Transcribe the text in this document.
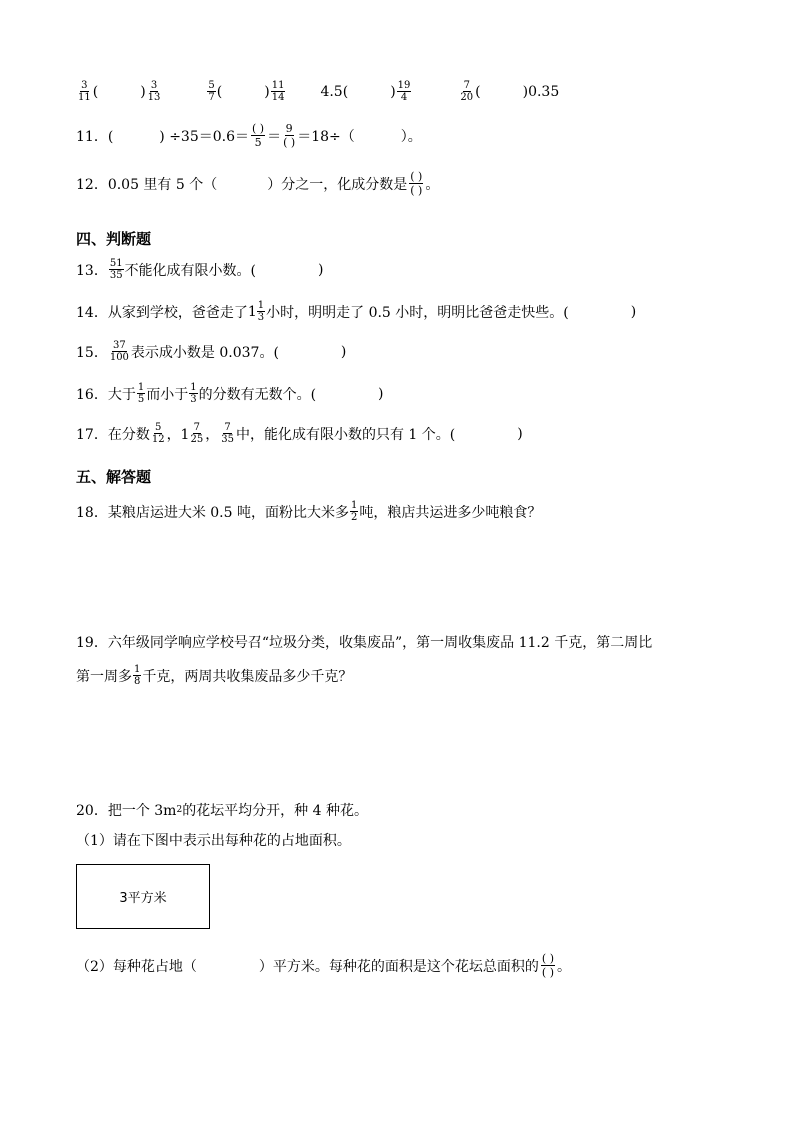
$\frac{3}{11}$ (	) $\frac{3}{13}$	$\frac{5}{7}$ (	) $\frac{11}{14}$	4.5 (	) $\frac{19}{4}$	$\frac{7}{20}$ (	) 0.35
11．(	) $\div 35=0.6= \frac{( )}{5} = \frac{9}{( )} =18\div$（	）。
12．0.05 里有 5 个（	）分之一，化成分数是 $\frac{( )}{( )}$ 。
四、判断题
13． $\frac{51}{35}$ 不能化成有限小数。(	)
14．从家到学校，爸爸走了 $1 \frac{1}{3}$ 小时，明明走了 0.5 小时，明明比爸爸走快些。(	)
15． $\frac{37}{100}$ 表示成小数是 0.037。(	)
16．大于 $\frac{1}{5}$ 而小于 $\frac{1}{3}$ 的分数有无数个。(	)
17．在分数 $\frac{5}{12}$ ，$1 \frac{7}{25}$ ， $\frac{7}{35}$ 中，能化成有限小数的只有 1 个。(	)
五、解答题
18．某粮店运进大米 0.5 吨，面粉比大米多 $\frac{1}{2}$ 吨，粮店共运进多少吨粮食？
19．六年级同学响应学校号召“垃圾分类，收集废品”，第一周收集废品 11.2 千克，第二周比
第一周多 $\frac{1}{8}$ 千克，两周共收集废品多少千克？
20．把一个 3m 2 的花坛平均分开，种 4 种花。
（1）请在下图中表示出每种花的占地面积。
3平方米
（2）每种花占地（	）平方米。每种花的面积是这个花坛总面积的 $\frac{( )}{( )}$ 。
